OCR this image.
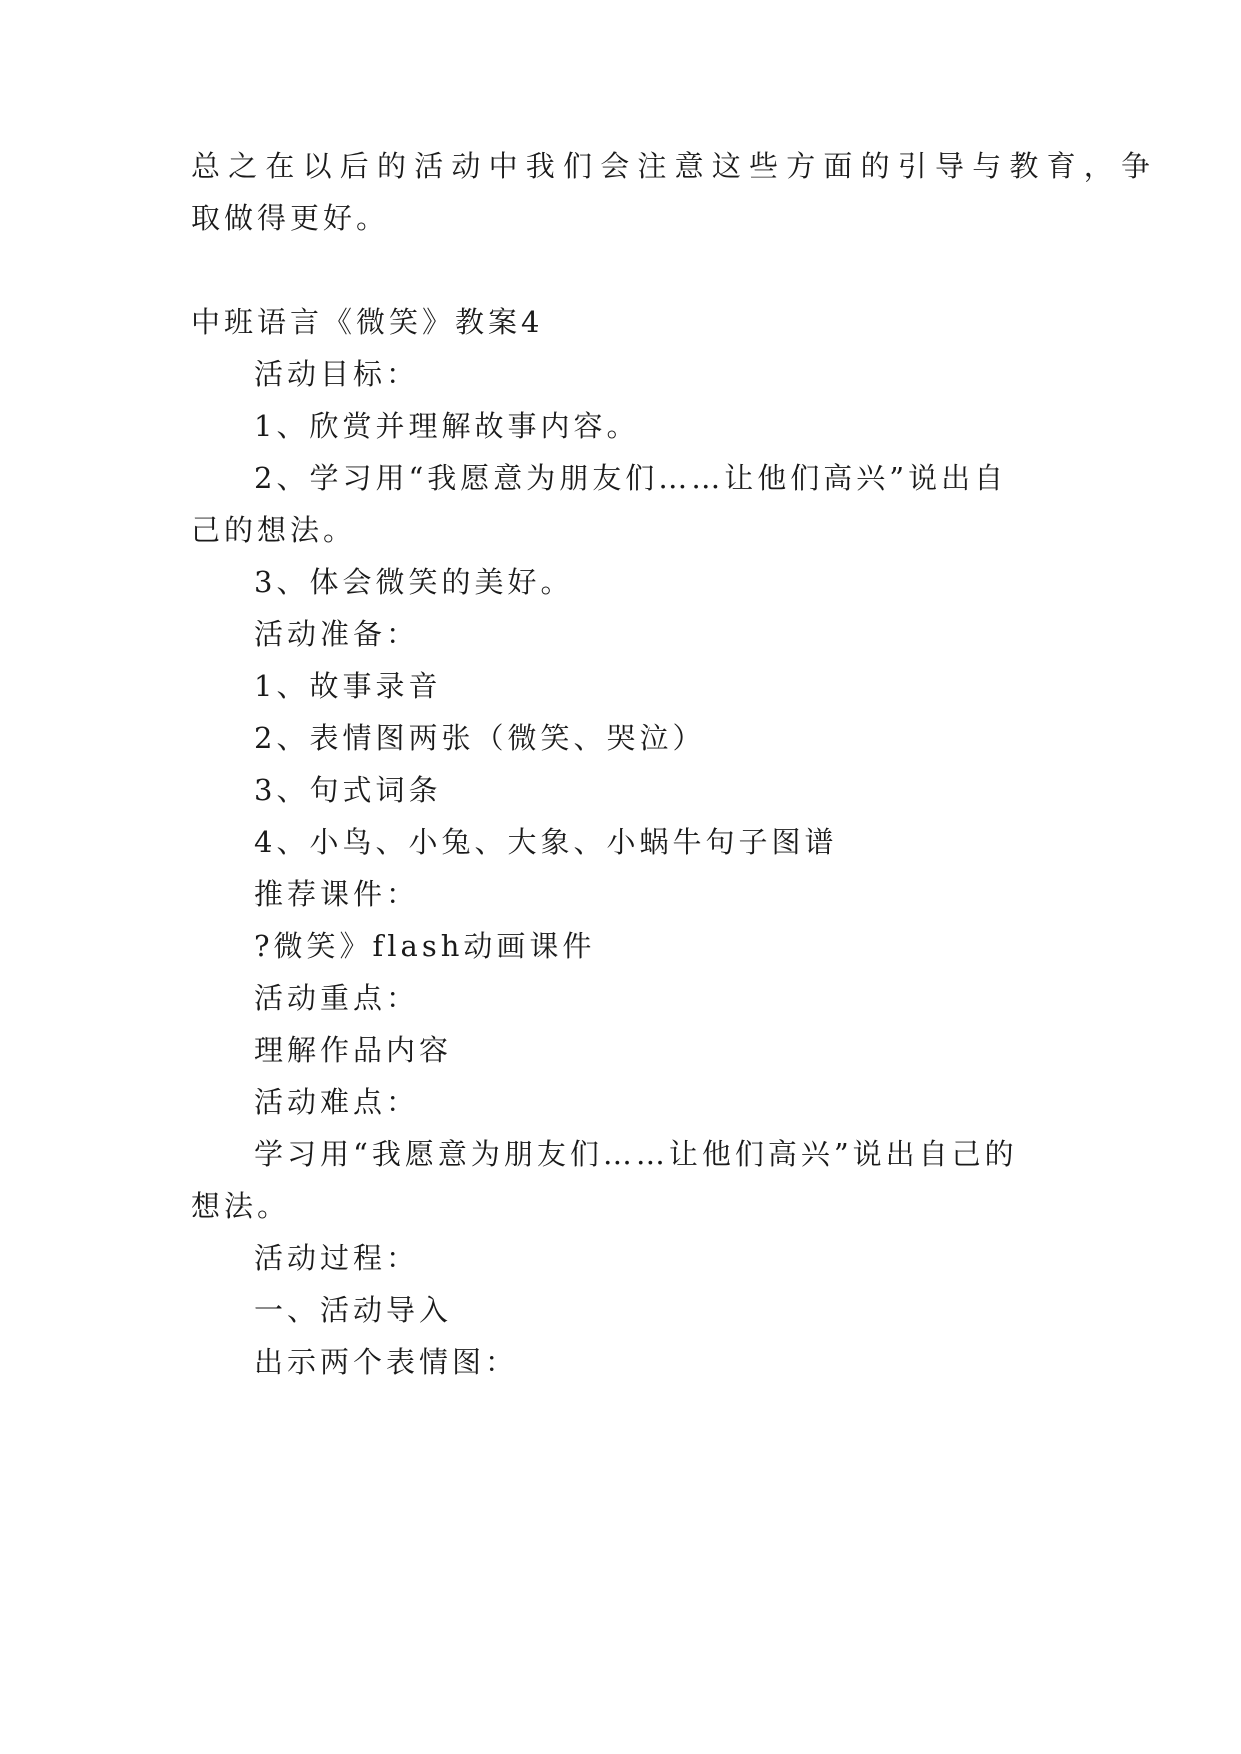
总之在以后的活动中我们会注意这些方面的引导与教育，争
取做得更好。
中班语言《微笑》教案4
活动目标：
1、欣赏并理解故事内容。
2、学习用“我愿意为朋友们……让他们高兴”说出自
己的想法。
3、体会微笑的美好。
活动准备：
1、故事录音
2、表情图两张（微笑、哭泣）
3、句式词条
4、小鸟、小兔、大象、小蜗牛句子图谱
推荐课件：
?微笑》flash动画课件
活动重点：
理解作品内容
活动难点：
学习用“我愿意为朋友们……让他们高兴”说出自己的
想法。
活动过程：
一、活动导入
出示两个表情图：
